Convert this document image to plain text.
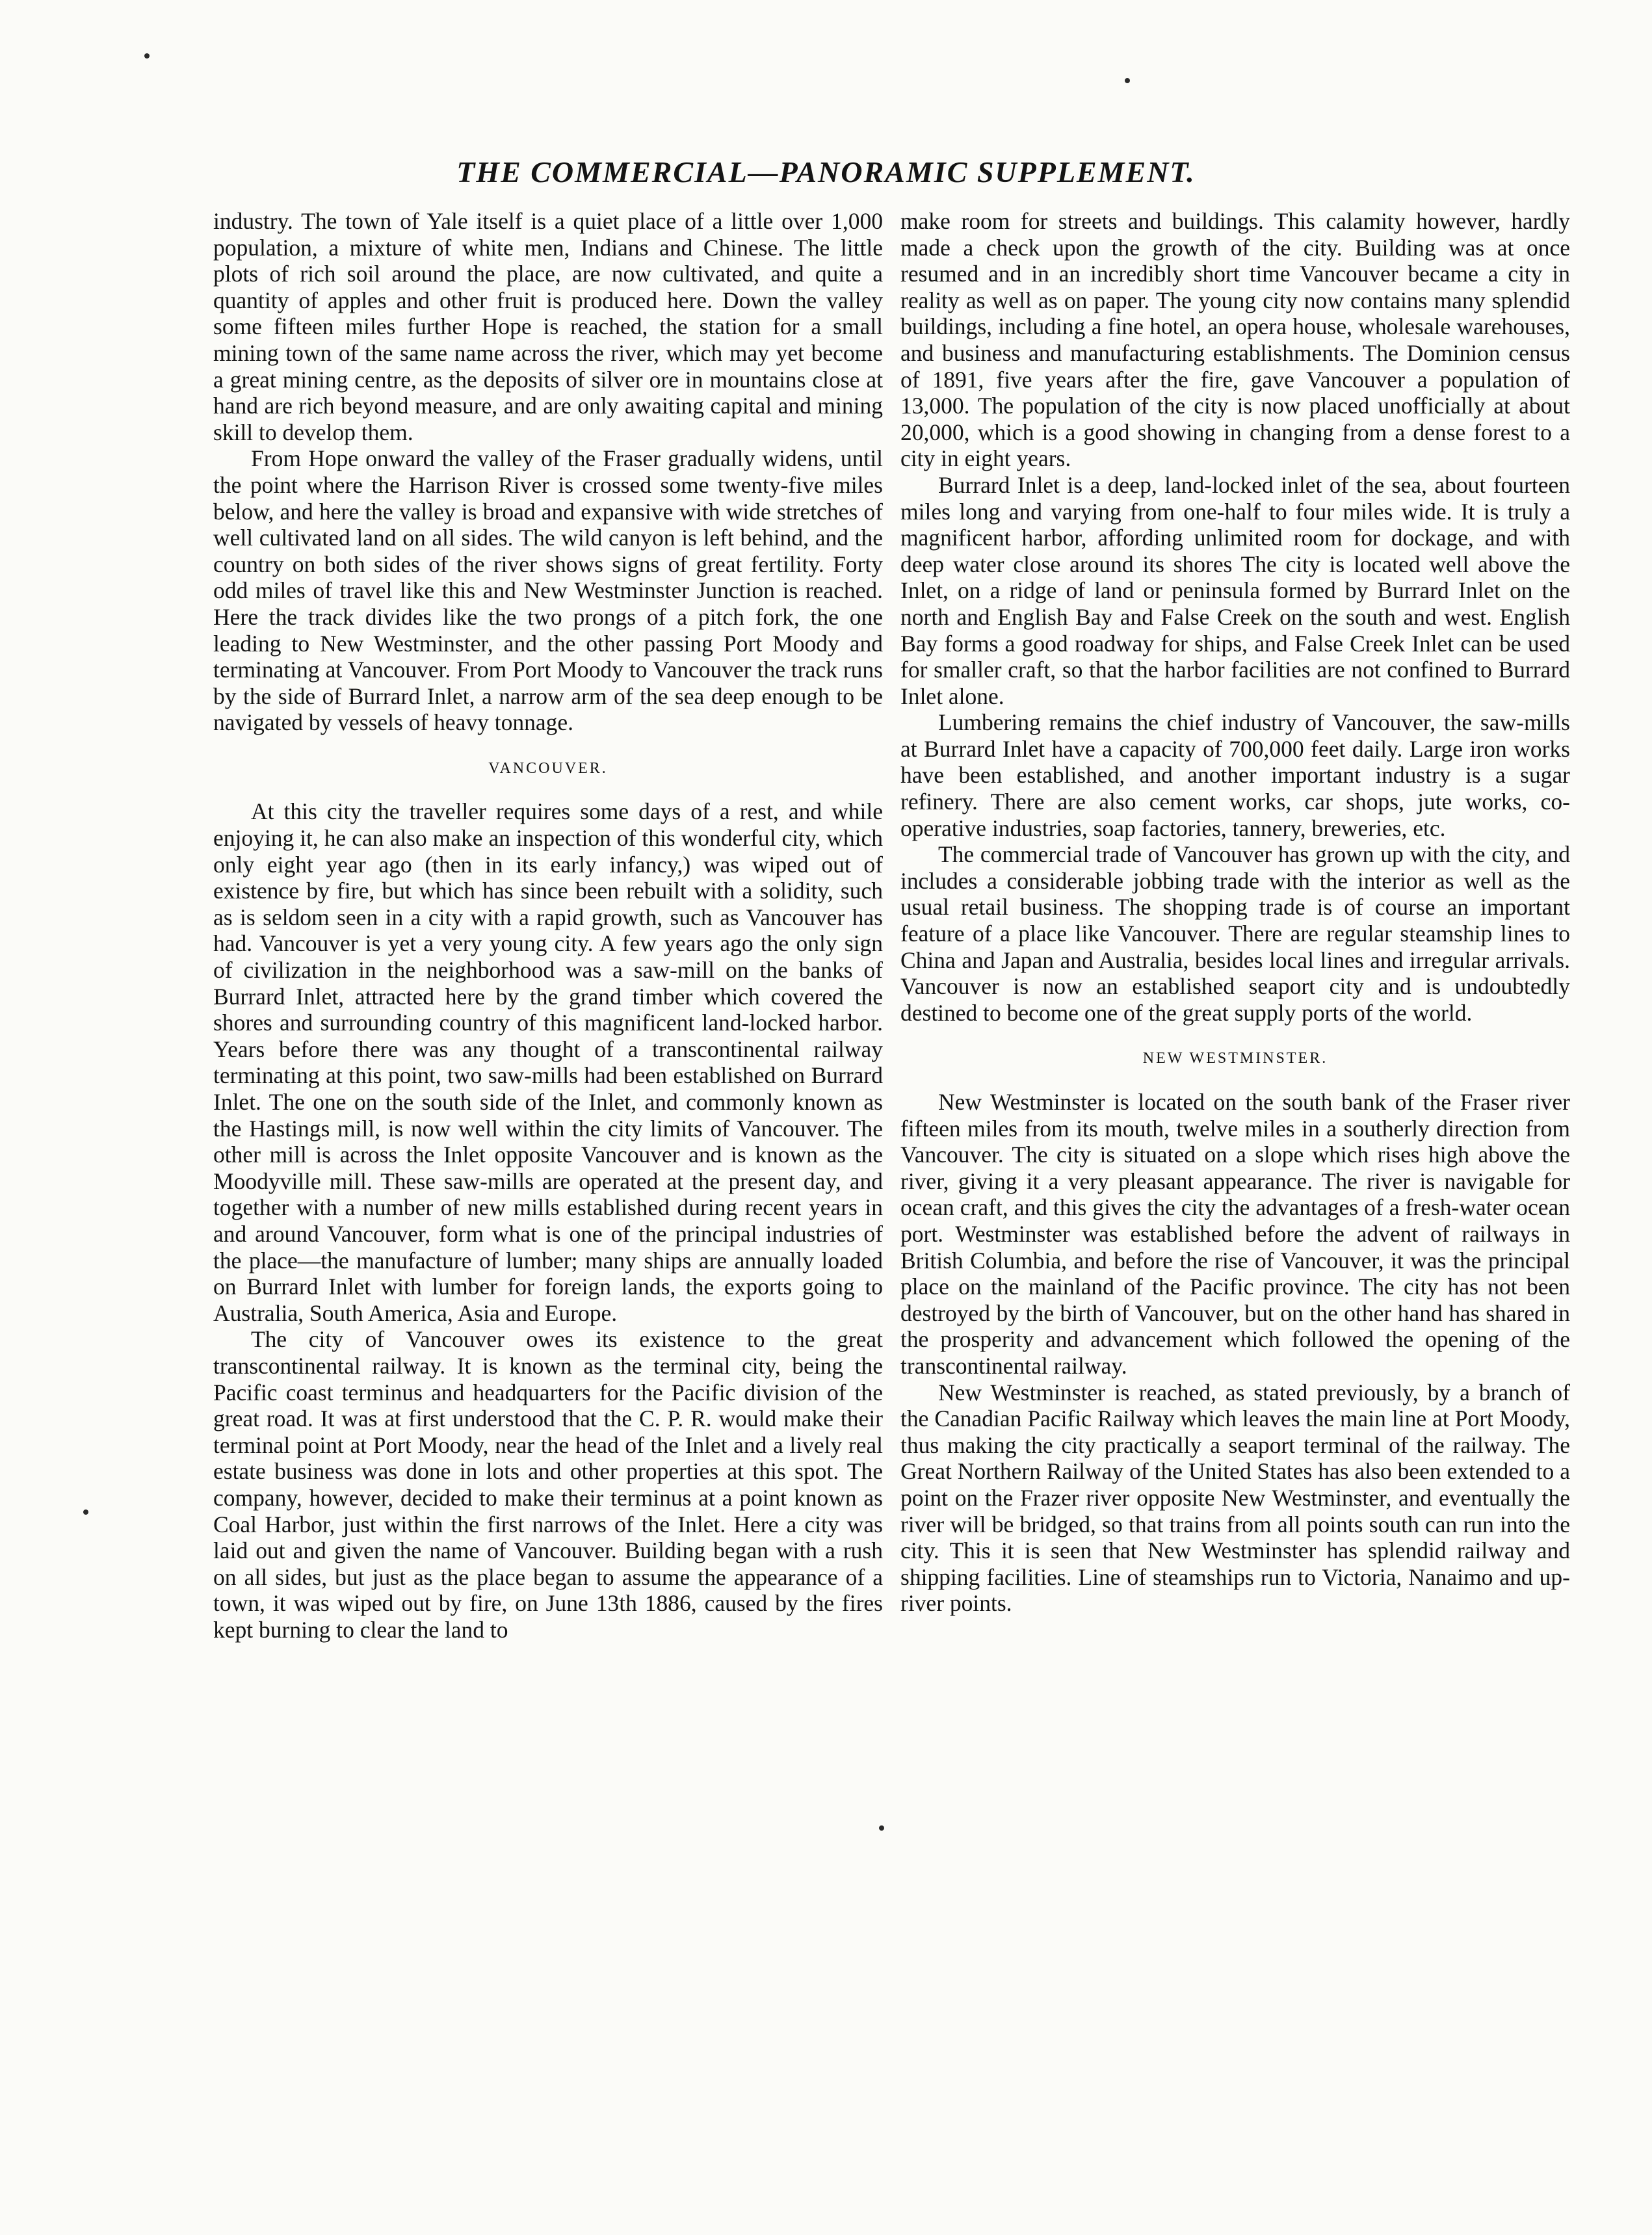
THE COMMERCIAL—PANORAMIC SUPPLEMENT.

industry. The town of Yale itself is a quiet place of a little over 1,000 population, a mixture of white men, Indians and Chinese. The little plots of rich soil around the place, are now cultivated, and quite a quantity of apples and other fruit is produced here. Down the valley some fifteen miles further Hope is reached, the station for a small mining town of the same name across the river, which may yet become a great mining centre, as the deposits of silver ore in mountains close at hand are rich beyond measure, and are only awaiting capital and mining skill to develop them.

From Hope onward the valley of the Fraser gradually widens, until the point where the Harrison River is crossed some twenty-five miles below, and here the valley is broad and expansive with wide stretches of well cultivated land on all sides. The wild canyon is left behind, and the country on both sides of the river shows signs of great fertility. Forty odd miles of travel like this and New Westminster Junction is reached. Here the track divides like the two prongs of a pitch fork, the one leading to New Westminster, and the other passing Port Moody and terminating at Vancouver. From Port Moody to Vancouver the track runs by the side of Burrard Inlet, a narrow arm of the sea deep enough to be navigated by vessels of heavy tonnage.

VANCOUVER.

At this city the traveller requires some days of a rest, and while enjoying it, he can also make an inspection of this wonderful city, which only eight year ago (then in its early infancy,) was wiped out of existence by fire, but which has since been rebuilt with a solidity, such as is seldom seen in a city with a rapid growth, such as Vancouver has had. Vancouver is yet a very young city. A few years ago the only sign of civilization in the neighborhood was a saw-mill on the banks of Burrard Inlet, attracted here by the grand timber which covered the shores and surrounding country of this magnificent land-locked harbor. Years before there was any thought of a transcontinental railway terminating at this point, two saw-mills had been established on Burrard Inlet. The one on the south side of the Inlet, and commonly known as the Hastings mill, is now well within the city limits of Vancouver. The other mill is across the Inlet opposite Vancouver and is known as the Moodyville mill. These saw-mills are operated at the present day, and together with a number of new mills established during recent years in and around Vancouver, form what is one of the principal industries of the place—the manufacture of lumber; many ships are annually loaded on Burrard Inlet with lumber for foreign lands, the exports going to Australia, South America, Asia and Europe.

The city of Vancouver owes its existence to the great transcontinental railway. It is known as the terminal city, being the Pacific coast terminus and headquarters for the Pacific division of the great road. It was at first understood that the C. P. R. would make their terminal point at Port Moody, near the head of the Inlet and a lively real estate business was done in lots and other properties at this spot. The company, however, decided to make their terminus at a point known as Coal Harbor, just within the first narrows of the Inlet. Here a city was laid out and given the name of Vancouver. Building began with a rush on all sides, but just as the place began to assume the appearance of a town, it was wiped out by fire, on June 13th 1886, caused by the fires kept burning to clear the land to

make room for streets and buildings. This calamity however, hardly made a check upon the growth of the city. Building was at once resumed and in an incredibly short time Vancouver became a city in reality as well as on paper. The young city now contains many splendid buildings, including a fine hotel, an opera house, wholesale warehouses, and business and manufacturing establishments. The Dominion census of 1891, five years after the fire, gave Vancouver a population of 13,000. The population of the city is now placed unofficially at about 20,000, which is a good showing in changing from a dense forest to a city in eight years.

Burrard Inlet is a deep, land-locked inlet of the sea, about fourteen miles long and varying from one-half to four miles wide. It is truly a magnificent harbor, affording unlimited room for dockage, and with deep water close around its shores The city is located well above the Inlet, on a ridge of land or peninsula formed by Burrard Inlet on the north and English Bay and False Creek on the south and west. English Bay forms a good roadway for ships, and False Creek Inlet can be used for smaller craft, so that the harbor facilities are not confined to Burrard Inlet alone.

Lumbering remains the chief industry of Vancouver, the saw-mills at Burrard Inlet have a capacity of 700,000 feet daily. Large iron works have been established, and another important industry is a sugar refinery. There are also cement works, car shops, jute works, co-operative industries, soap factories, tannery, breweries, etc.

The commercial trade of Vancouver has grown up with the city, and includes a considerable jobbing trade with the interior as well as the usual retail business. The shopping trade is of course an important feature of a place like Vancouver. There are regular steamship lines to China and Japan and Australia, besides local lines and irregular arrivals. Vancouver is now an established seaport city and is undoubtedly destined to become one of the great supply ports of the world.

NEW WESTMINSTER.

New Westminster is located on the south bank of the Fraser river fifteen miles from its mouth, twelve miles in a southerly direction from Vancouver. The city is situated on a slope which rises high above the river, giving it a very pleasant appearance. The river is navigable for ocean craft, and this gives the city the advantages of a fresh-water ocean port. Westminster was established before the advent of railways in British Columbia, and before the rise of Vancouver, it was the principal place on the mainland of the Pacific province. The city has not been destroyed by the birth of Vancouver, but on the other hand has shared in the prosperity and advancement which followed the opening of the transcontinental railway.

New Westminster is reached, as stated previously, by a branch of the Canadian Pacific Railway which leaves the main line at Port Moody, thus making the city practically a seaport terminal of the railway. The Great Northern Railway of the United States has also been extended to a point on the Frazer river opposite New Westminster, and eventually the river will be bridged, so that trains from all points south can run into the city. This it is seen that New Westminster has splendid railway and shipping facilities. Line of steamships run to Victoria, Nanaimo and up-river points.
